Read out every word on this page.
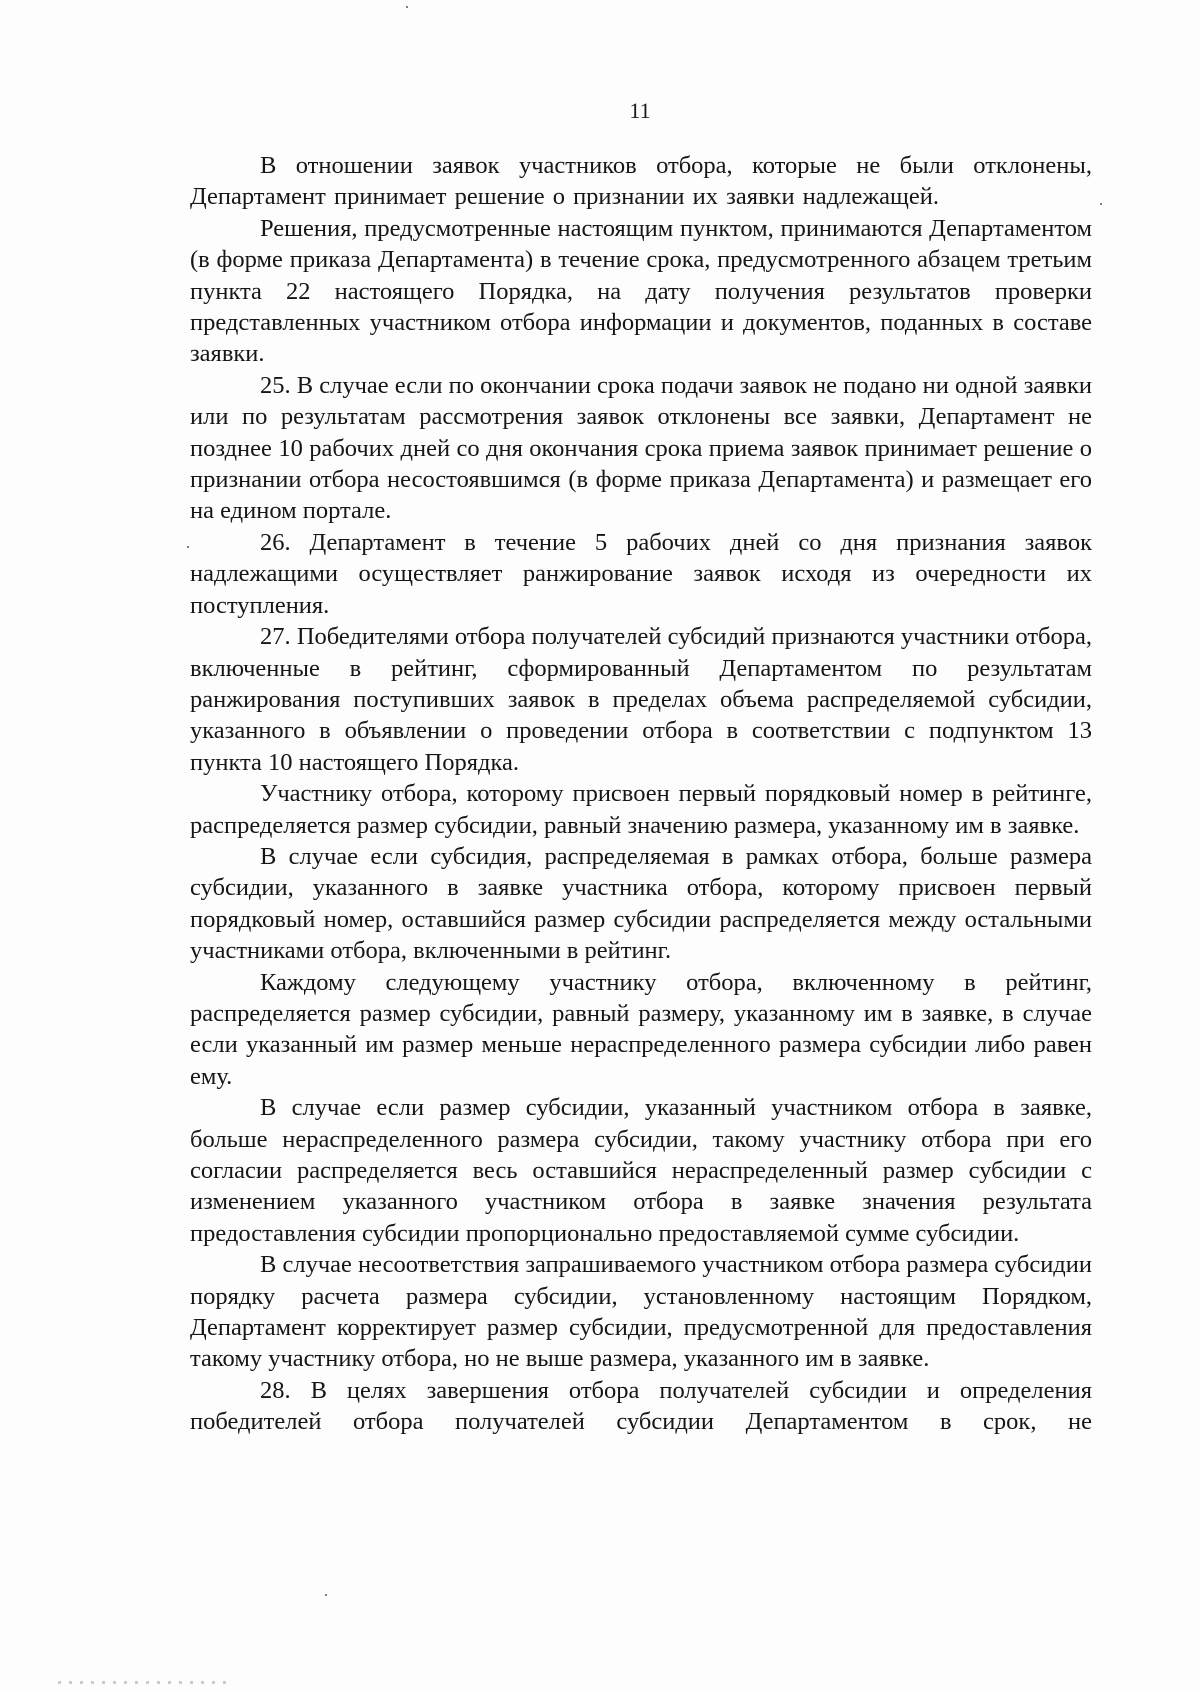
11

В отношении заявок участников отбора, которые не были отклонены, Департамент принимает решение о признании их заявки надлежащей.

Решения, предусмотренные настоящим пунктом, принимаются Департаментом (в форме приказа Департамента) в течение срока, предусмотренного абзацем третьим пункта 22 настоящего Порядка, на дату получения результатов проверки представленных участником отбора информации и документов, поданных в составе заявки.

25. В случае если по окончании срока подачи заявок не подано ни одной заявки или по результатам рассмотрения заявок отклонены все заявки, Департамент не позднее 10 рабочих дней со дня окончания срока приема заявок принимает решение о признании отбора несостоявшимся (в форме приказа Департамента) и размещает его на едином портале.

26. Департамент в течение 5 рабочих дней со дня признания заявок надлежащими осуществляет ранжирование заявок исходя из очередности их поступления.

27. Победителями отбора получателей субсидий признаются участники отбора, включенные в рейтинг, сформированный Департаментом по результатам ранжирования поступивших заявок в пределах объема распределяемой субсидии, указанного в объявлении о проведении отбора в соответствии с подпунктом 13 пункта 10 настоящего Порядка.

Участнику отбора, которому присвоен первый порядковый номер в рейтинге, распределяется размер субсидии, равный значению размера, указанному им в заявке.

В случае если субсидия, распределяемая в рамках отбора, больше размера субсидии, указанного в заявке участника отбора, которому присвоен первый порядковый номер, оставшийся размер субсидии распределяется между остальными участниками отбора, включенными в рейтинг.

Каждому следующему участнику отбора, включенному в рейтинг, распределяется размер субсидии, равный размеру, указанному им в заявке, в случае если указанный им размер меньше нераспределенного размера субсидии либо равен ему.

В случае если размер субсидии, указанный участником отбора в заявке, больше нераспределенного размера субсидии, такому участнику отбора при его согласии распределяется весь оставшийся нераспределенный размер субсидии с изменением указанного участником отбора в заявке значения результата предоставления субсидии пропорционально предоставляемой сумме субсидии.

В случае несоответствия запрашиваемого участником отбора размера субсидии порядку расчета размера субсидии, установленному настоящим Порядком, Департамент корректирует размер субсидии, предусмотренной для предоставления такому участнику отбора, но не выше размера, указанного им в заявке.

28. В целях завершения отбора получателей субсидии и определения победителей отбора получателей субсидии Департаментом в срок, не
